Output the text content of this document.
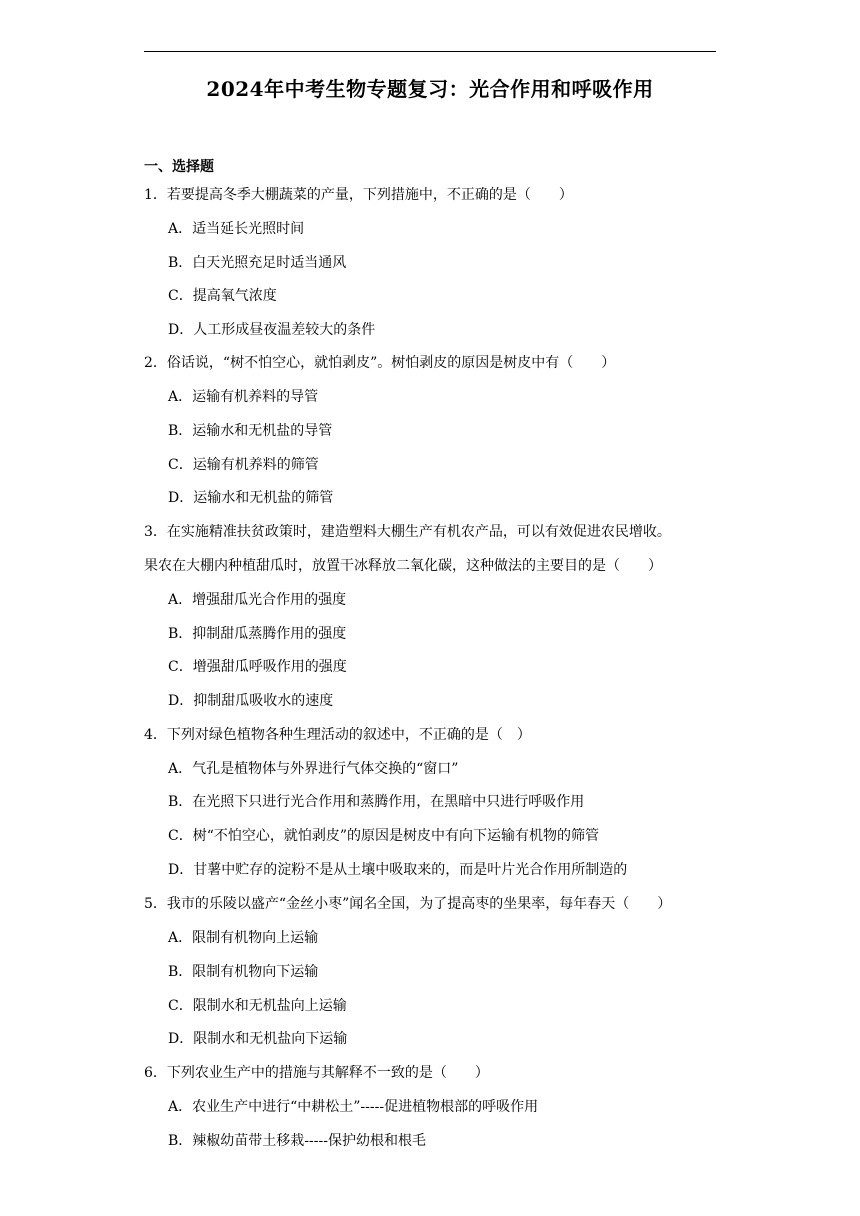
2024年中考生物专题复习：光合作用和呼吸作用
一、选择题
1．若要提高冬季大棚蔬菜的产量，下列措施中，不正确的是（　　）
A．适当延长光照时间
B．白天光照充足时适当通风
C．提高氧气浓度
D．人工形成昼夜温差较大的条件
2．俗话说，“树不怕空心，就怕剥皮”。树怕剥皮的原因是树皮中有（　　）
A．运输有机养料的导管
B．运输水和无机盐的导管
C．运输有机养料的筛管
D．运输水和无机盐的筛管
3．在实施精准扶贫政策时，建造塑料大棚生产有机农产品，可以有效促进农民增收。
果农在大棚内种植甜瓜时，放置干冰释放二氧化碳，这种做法的主要目的是（　　）
A．增强甜瓜光合作用的强度
B．抑制甜瓜蒸腾作用的强度
C．增强甜瓜呼吸作用的强度
D．抑制甜瓜吸收水的速度
4．下列对绿色植物各种生理活动的叙述中，不正确的是（　）
A．气孔是植物体与外界进行气体交换的“窗口”
B．在光照下只进行光合作用和蒸腾作用，在黑暗中只进行呼吸作用
C．树“不怕空心，就怕剥皮”的原因是树皮中有向下运输有机物的筛管
D．甘薯中贮存的淀粉不是从土壤中吸取来的，而是叶片光合作用所制造的
5．我市的乐陵以盛产“金丝小枣”闻名全国，为了提高枣的坐果率，每年春天（　　）
A．限制有机物向上运输
B．限制有机物向下运输
C．限制水和无机盐向上运输
D．限制水和无机盐向下运输
6．下列农业生产中的措施与其解释不一致的是（　　）
A．农业生产中进行“中耕松土”-----促进植物根部的呼吸作用
B．辣椒幼苗带土移栽-----保护幼根和根毛
